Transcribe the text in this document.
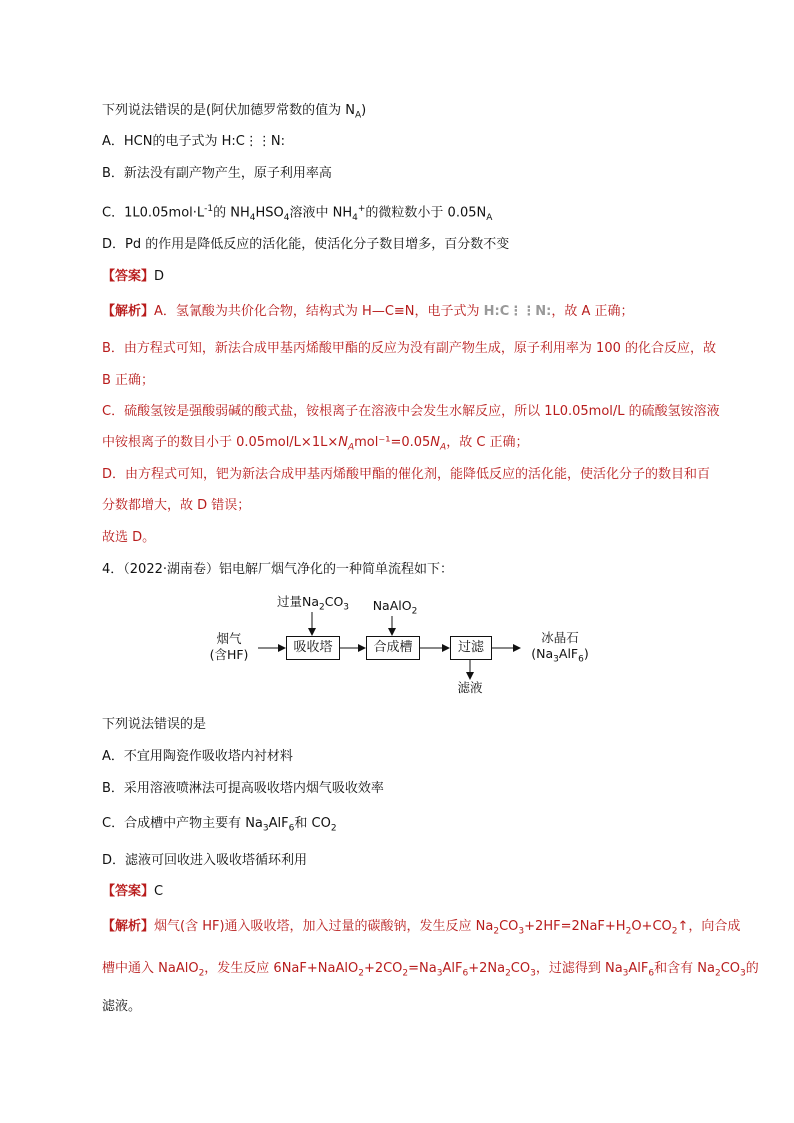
下列说法错误的是(阿伏加德罗常数的值为 $N_A$)
A．HCN的电子式为 H:C⋮⋮N:
B．新法没有副产物产生，原子利用率高
C．$1L0.05mol\cdot L^{-1}$的 $NH_4HSO_4$溶液中 $NH_4^+$的微粒数小于 $0.05N_A$
D．Pd 的作用是降低反应的活化能，使活化分子数目增多，百分数不变
【答案】D
【解析】A．氢氰酸为共价化合物，结构式为 H—C≡N，电子式为 H:C⋮⋮N:，故 A 正确；
B．由方程式可知，新法合成甲基丙烯酸甲酯的反应为没有副产物生成，原子利用率为 100 的化合反应，故
B 正确；
C．硫酸氢铵是强酸弱碱的酸式盐，铵根离子在溶液中会发生水解反应，所以 1L0.05mol/L 的硫酸氢铵溶液
中铵根离子的数目小于 $0.05mol/L\times 1L\times N_Amol^{-1}=0.05N_A$，故 C 正确；
D．由方程式可知，钯为新法合成甲基丙烯酸甲酯的催化剂，能降低反应的活化能，使活化分子的数目和百
分数都增大，故 D 错误；
故选 D。
4．（2022·湖南卷）铝电解厂烟气净化的一种简单流程如下：
烟气
(含HF)
过量$Na_2CO_3$	NaAlO$_2$
吸收塔	合成槽	过滤
滤液
冰晶石
$(Na_3AlF_6)$
下列说法错误的是
A．不宜用陶瓷作吸收塔内衬材料
B．采用溶液喷淋法可提高吸收塔内烟气吸收效率
C．合成槽中产物主要有 $Na_3AlF_6$和 $CO_2$
D．滤液可回收进入吸收塔循环利用
【答案】C
【解析】烟气(含 HF)通入吸收塔，加入过量的碳酸钠，发生反应 $Na_2CO_3+2HF=2NaF+H_2O+CO_2↑$，向合成
槽中通入 NaAlO$_2$，发生反应 $6NaF+NaAlO_2+2CO_2=Na_3AlF_6+2Na_2CO_3$，过滤得到 $Na_3AlF_6$和含有 $Na_2CO_3$的
滤液。
